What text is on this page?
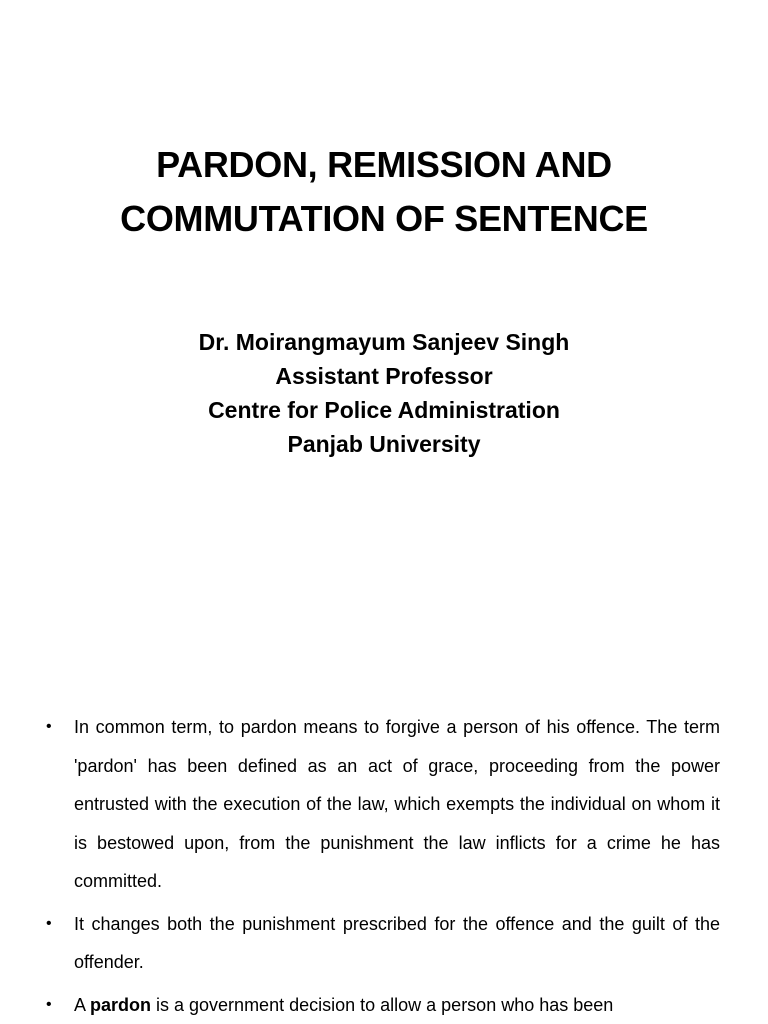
PARDON, REMISSION AND
COMMUTATION OF SENTENCE
Dr. Moirangmayum Sanjeev Singh
Assistant Professor
Centre for Police Administration
Panjab University
• In common term, to pardon means to forgive a person of his offence. The term 'pardon' has been defined as an act of grace, proceeding from the power entrusted with the execution of the law, which exempts the individual on whom it is bestowed upon, from the punishment the law inflicts for a crime he has committed.
• It changes both the punishment prescribed for the offence and the guilt of the offender.
• A pardon is a government decision to allow a person who has been
